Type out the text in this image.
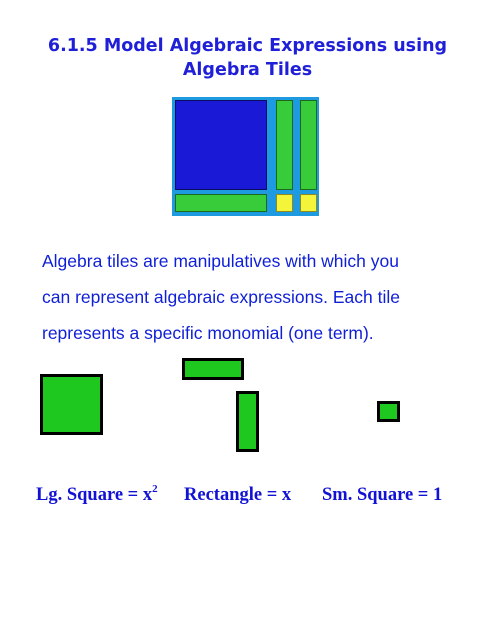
6.1.5 Model Algebraic Expressions using
Algebra Tiles
Algebra tiles are manipulatives with which you
can represent algebraic expressions. Each tile
represents a specific monomial (one term).
Lg. Square = $x^2$ Rectangle = x Sm. Square = 1
